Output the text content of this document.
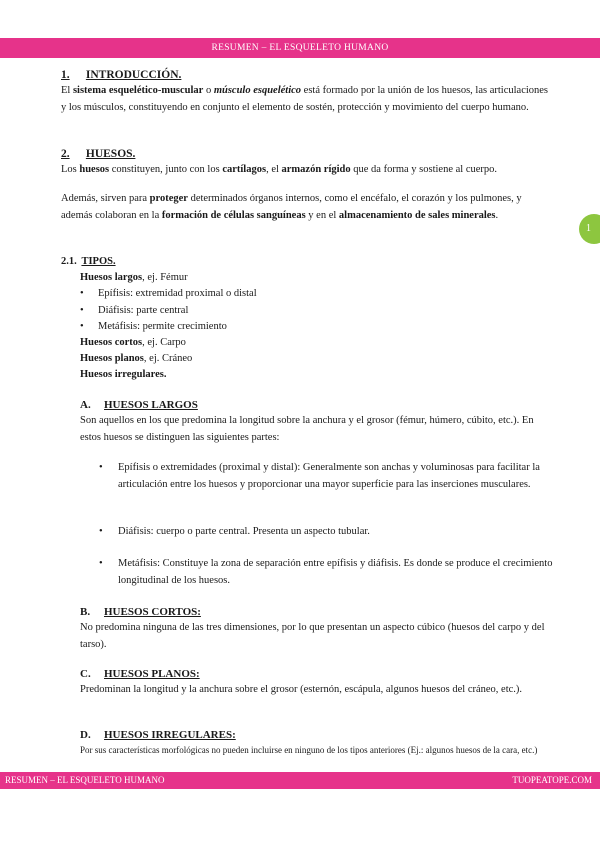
RESUMEN – EL ESQUELETO HUMANO
1
1. INTRODUCCIÓN.
El sistema esquelético-muscular o músculo esquelético está formado por la unión de los huesos, las articulaciones y los músculos, constituyendo en conjunto el elemento de sostén, protección y movimiento del cuerpo humano.
2. HUESOS.
Los huesos constituyen, junto con los cartílagos, el armazón rígido que da forma y sostiene al cuerpo.
Además, sirven para proteger determinados órganos internos, como el encéfalo, el corazón y los pulmones, y además colaboran en la formación de células sanguíneas y en el almacenamiento de sales minerales.
2.1. TIPOS.
Huesos largos, ej. Fémur
• Epífisis: extremidad proximal o distal
• Diáfisis: parte central
• Metáfisis: permite crecimiento
Huesos cortos, ej. Carpo
Huesos planos, ej. Cráneo
Huesos irregulares.
A. HUESOS LARGOS
Son aquellos en los que predomina la longitud sobre la anchura y el grosor (fémur, húmero, cúbito, etc.). En estos huesos se distinguen las siguientes partes:
• Epífisis o extremidades (proximal y distal): Generalmente son anchas y voluminosas para facilitar la articulación entre los huesos y proporcionar una mayor superficie para las inserciones musculares.
• Diáfisis: cuerpo o parte central. Presenta un aspecto tubular.
• Metáfisis: Constituye la zona de separación entre epífisis y diáfisis. Es donde se produce el crecimiento longitudinal de los huesos.
B. HUESOS CORTOS:
No predomina ninguna de las tres dimensiones, por lo que presentan un aspecto cúbico (huesos del carpo y del tarso).
C. HUESOS PLANOS:
Predominan la longitud y la anchura sobre el grosor (esternón, escápula, algunos huesos del cráneo, etc.).
D. HUESOS IRREGULARES:
Por sus características morfológicas no pueden incluirse en ninguno de los tipos anteriores (Ej.: algunos huesos de la cara, etc.)
RESUMEN – EL ESQUELETO HUMANO	TUOPEATOPE.COM
